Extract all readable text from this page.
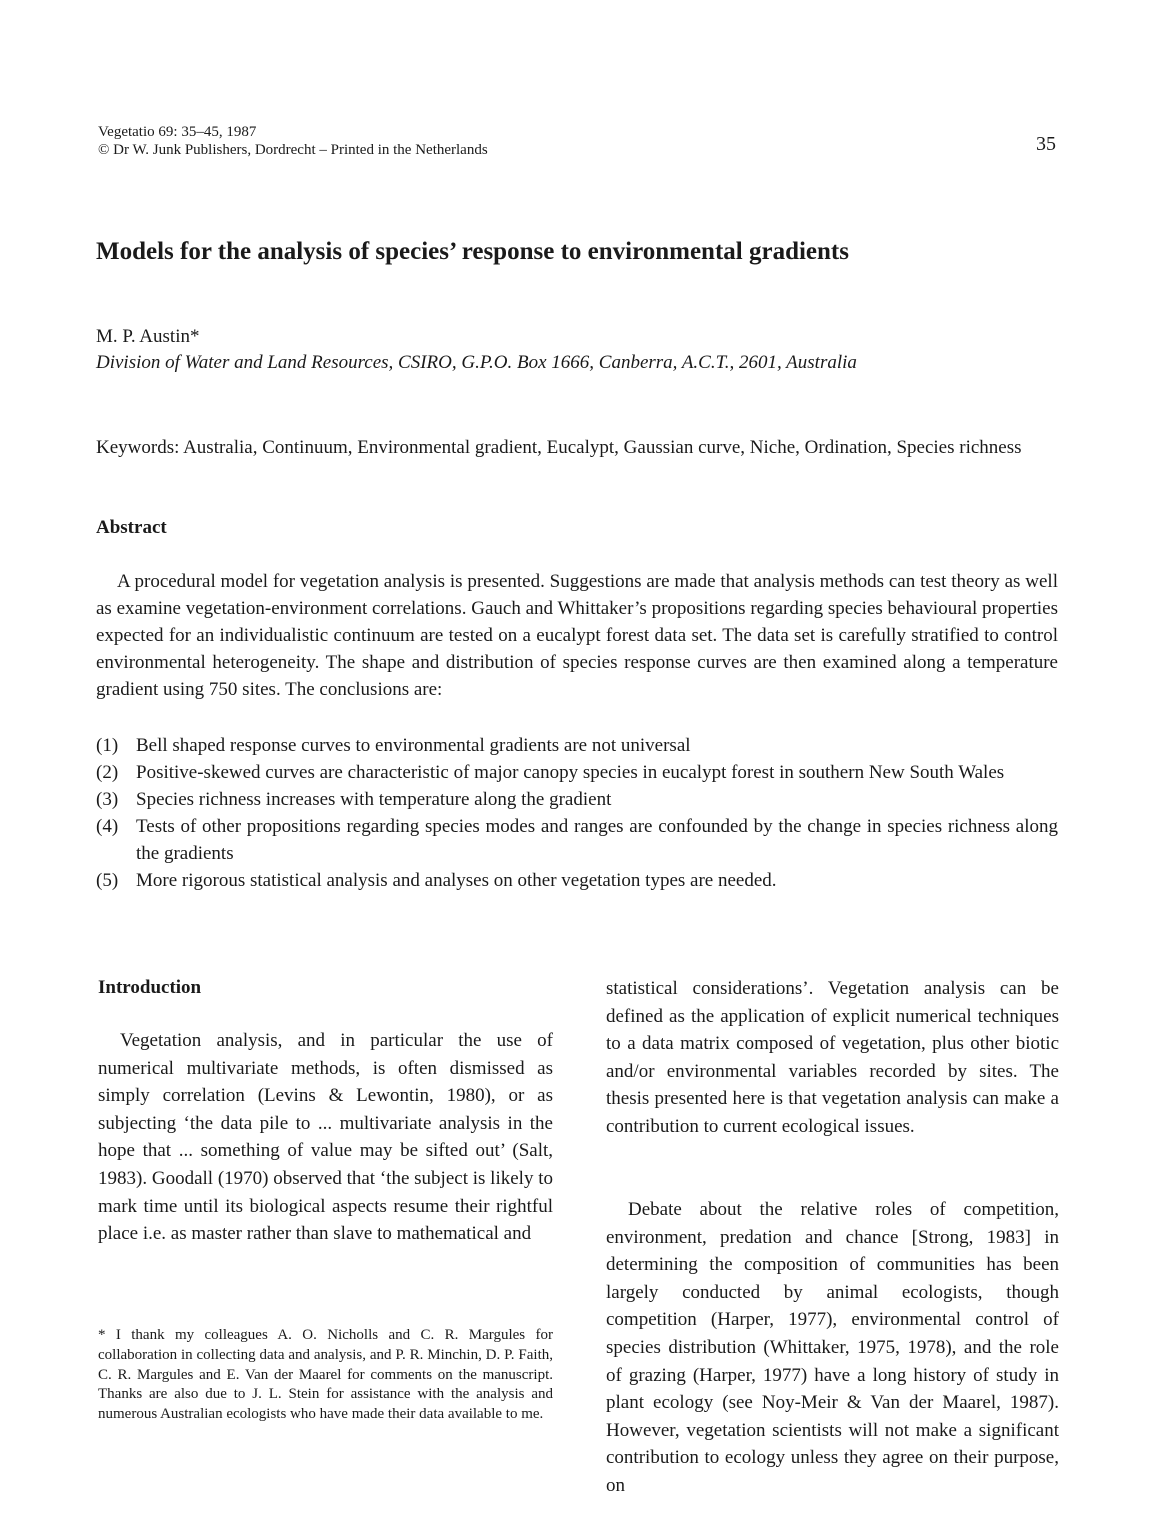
Vegetatio 69: 35–45, 1987
© Dr W. Junk Publishers, Dordrecht – Printed in the Netherlands	35
Models for the analysis of species’ response to environmental gradients
M. P. Austin*
Division of Water and Land Resources, CSIRO, G.P.O. Box 1666, Canberra, A.C.T., 2601, Australia

Keywords: Australia, Continuum, Environmental gradient, Eucalypt, Gaussian curve, Niche, Ordination, Species richness

Abstract

A procedural model for vegetation analysis is presented. Suggestions are made that analysis methods can test theory as well as examine vegetation-environment correlations. Gauch and Whittaker’s propositions regarding species behavioural properties expected for an individualistic continuum are tested on a eucalypt forest data set. The data set is carefully stratified to control environmental heterogeneity. The shape and distribution of species response curves are then examined along a temperature gradient using 750 sites. The conclusions are:

(1) Bell shaped response curves to environmental gradients are not universal
(2) Positive-skewed curves are characteristic of major canopy species in eucalypt forest in southern New South Wales
(3) Species richness increases with temperature along the gradient
(4) Tests of other propositions regarding species modes and ranges are confounded by the change in species richness along the gradients
(5) More rigorous statistical analysis and analyses on other vegetation types are needed.
Introduction

Vegetation analysis, and in particular the use of numerical multivariate methods, is often dismissed as simply correlation (Levins & Lewontin, 1980), or as subjecting ‘the data pile to ... multivariate analysis in the hope that ... something of value may be sifted out’ (Salt, 1983). Goodall (1970) observed that ‘the subject is likely to mark time until its biological aspects resume their rightful place i.e. as master rather than slave to mathematical and

* I thank my colleagues A. O. Nicholls and C. R. Margules for collaboration in collecting data and analysis, and P. R. Minchin, D. P. Faith, C. R. Margules and E. Van der Maarel for comments on the manuscript. Thanks are also due to J. L. Stein for assistance with the analysis and numerous Australian ecologists who have made their data available to me.

statistical considerations’. Vegetation analysis can be defined as the application of explicit numerical techniques to a data matrix composed of vegetation, plus other biotic and/or environmental variables recorded by sites. The thesis presented here is that vegetation analysis can make a contribution to current ecological issues.

Debate about the relative roles of competition, environment, predation and chance [Strong, 1983] in determining the composition of communities has been largely conducted by animal ecologists, though competition (Harper, 1977), environmental control of species distribution (Whittaker, 1975, 1978), and the role of grazing (Harper, 1977) have a long history of study in plant ecology (see Noy-Meir & Van der Maarel, 1987). However, vegetation scientists will not make a significant contribution to ecology unless they agree on their purpose, on
